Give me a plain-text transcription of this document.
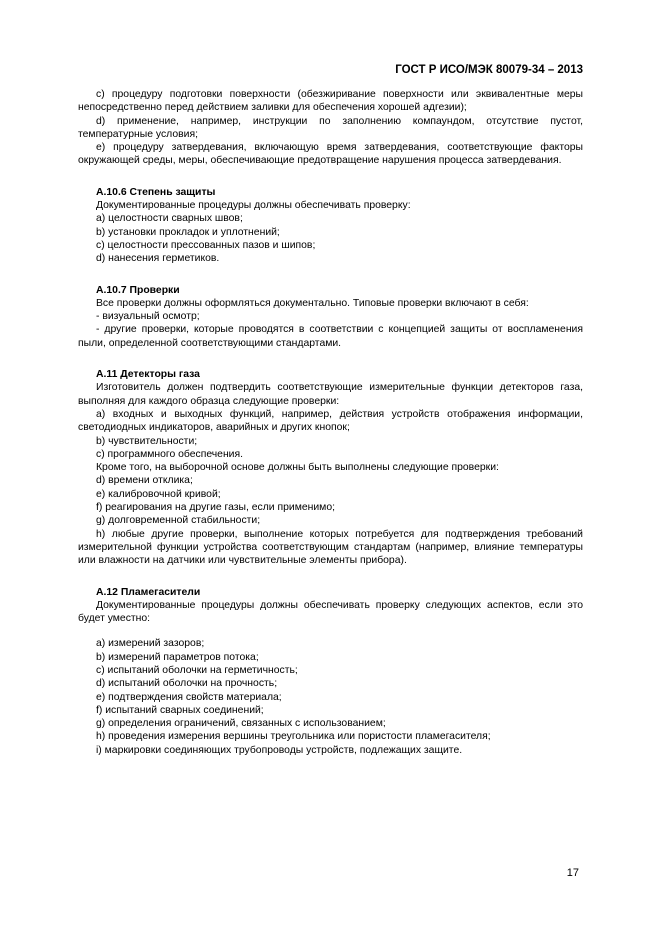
ГОСТ Р ИСО/МЭК 80079-34 – 2013

c) процедуру подготовки поверхности (обезжиривание поверхности или эквивалентные меры непосредственно перед действием заливки для обеспечения хорошей адгезии);

d) применение, например, инструкции по заполнению компаундом, отсутствие пустот, температурные условия;

e) процедуру затвердевания, включающую время затвердевания, соответствующие факторы окружающей среды, меры, обеспечивающие предотвращение нарушения процесса затвердевания.

А.10.6 Степень защиты

Документированные процедуры должны обеспечивать проверку:

a) целостности сварных швов;

b) установки прокладок и уплотнений;

c) целостности прессованных пазов и шипов;

d) нанесения герметиков.

А.10.7 Проверки

Все проверки должны оформляться документально. Типовые проверки включают в себя:

- визуальный осмотр;

- другие проверки, которые проводятся в соответствии с концепцией защиты от воспламенения пыли, определенной соответствующими стандартами.

А.11 Детекторы газа

Изготовитель должен подтвердить соответствующие измерительные функции детекторов газа, выполняя для каждого образца следующие проверки:

a) входных и выходных функций, например, действия устройств отображения информации, светодиодных индикаторов, аварийных и других кнопок;

b) чувствительности;

c) программного обеспечения.

Кроме того, на выборочной основе должны быть выполнены следующие проверки:

d) времени отклика;

e) калибровочной кривой;

f) реагирования на другие газы, если применимо;

g) долговременной стабильности;

h) любые другие проверки, выполнение которых потребуется для подтверждения требований измерительной функции устройства соответствующим стандартам (например, влияние температуры или влажности на датчики или чувствительные элементы прибора).

А.12 Пламегасители

Документированные процедуры должны обеспечивать проверку следующих аспектов, если это будет уместно:

a) измерений зазоров;

b) измерений параметров потока;

c) испытаний оболочки на герметичность;

d) испытаний оболочки на прочность;

e) подтверждения свойств материала;

f) испытаний сварных соединений;

g) определения ограничений, связанных с использованием;

h) проведения измерения вершины треугольника или пористости пламегасителя;

i) маркировки соединяющих трубопроводы устройств, подлежащих защите.

17
